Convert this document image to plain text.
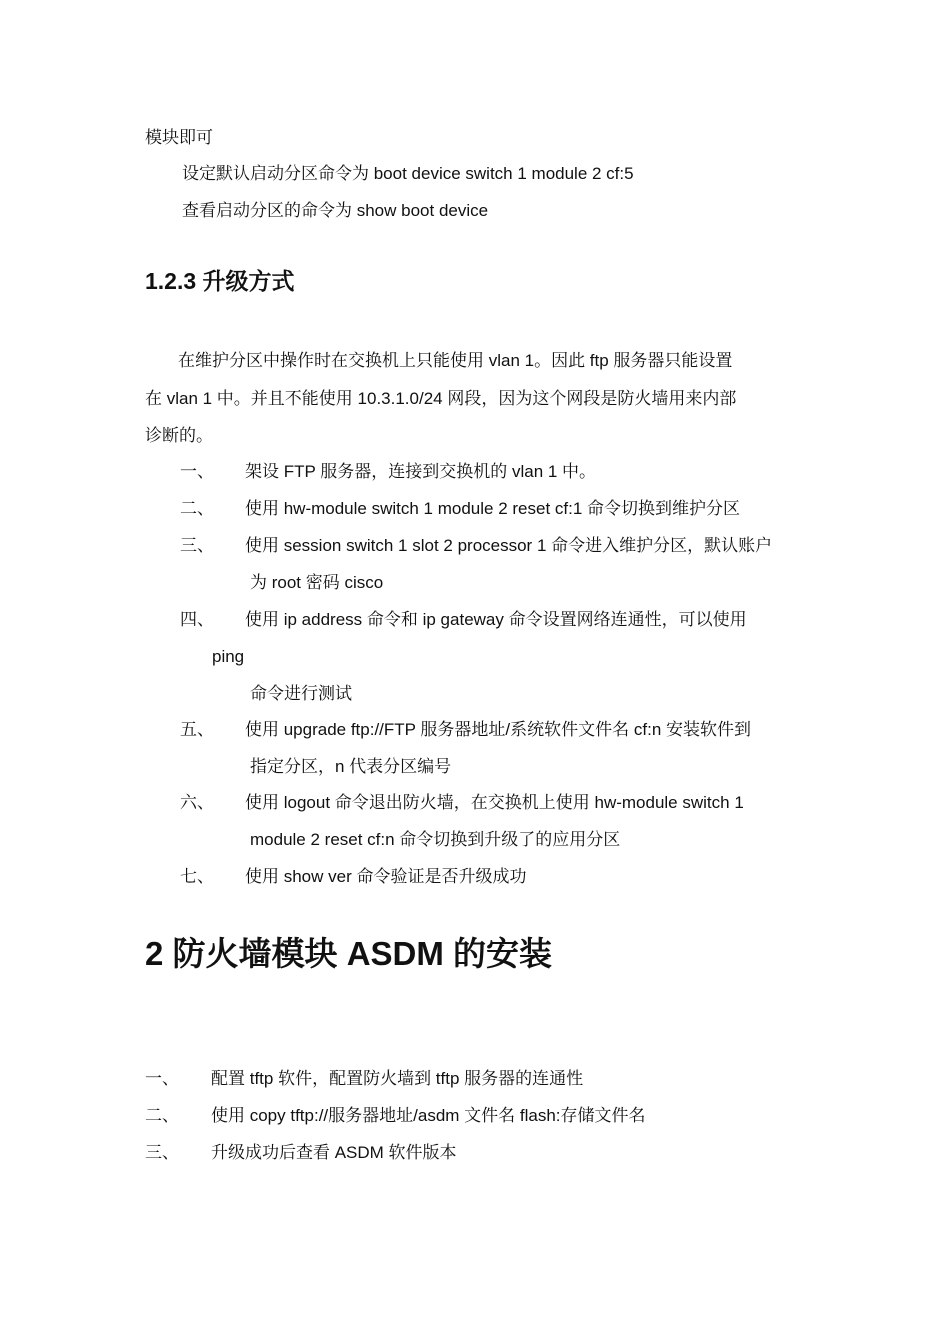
模块即可
设定默认启动分区命令为 boot device switch 1 module 2 cf:5
查看启动分区的命令为 show boot device
1.2.3 升级方式
在维护分区中操作时在交换机上只能使用 vlan 1。因此 ftp 服务器只能设置
在 vlan 1 中。并且不能使用 10.3.1.0/24 网段，因为这个网段是防火墙用来内部
诊断的。
一、 架设 FTP 服务器，连接到交换机的 vlan 1 中。
二、 使用 hw-module switch 1 module 2 reset cf:1 命令切换到维护分区
三、 使用 session switch 1 slot 2 processor 1 命令进入维护分区，默认账户
为 root 密码 cisco
四、 使用 ip address 命令和 ip gateway 命令设置网络连通性，可以使用
ping
命令进行测试
五、 使用 upgrade ftp://FTP 服务器地址/系统软件文件名 cf:n 安装软件到
指定分区，n 代表分区编号
六、 使用 logout 命令退出防火墙，在交换机上使用 hw-module switch 1
module 2 reset cf:n 命令切换到升级了的应用分区
七、 使用 show ver 命令验证是否升级成功
2 防火墙模块 ASDM 的安装
一、 配置 tftp 软件，配置防火墙到 tftp 服务器的连通性
二、 使用 copy tftp://服务器地址/asdm 文件名 flash:存储文件名
三、 升级成功后查看 ASDM 软件版本
